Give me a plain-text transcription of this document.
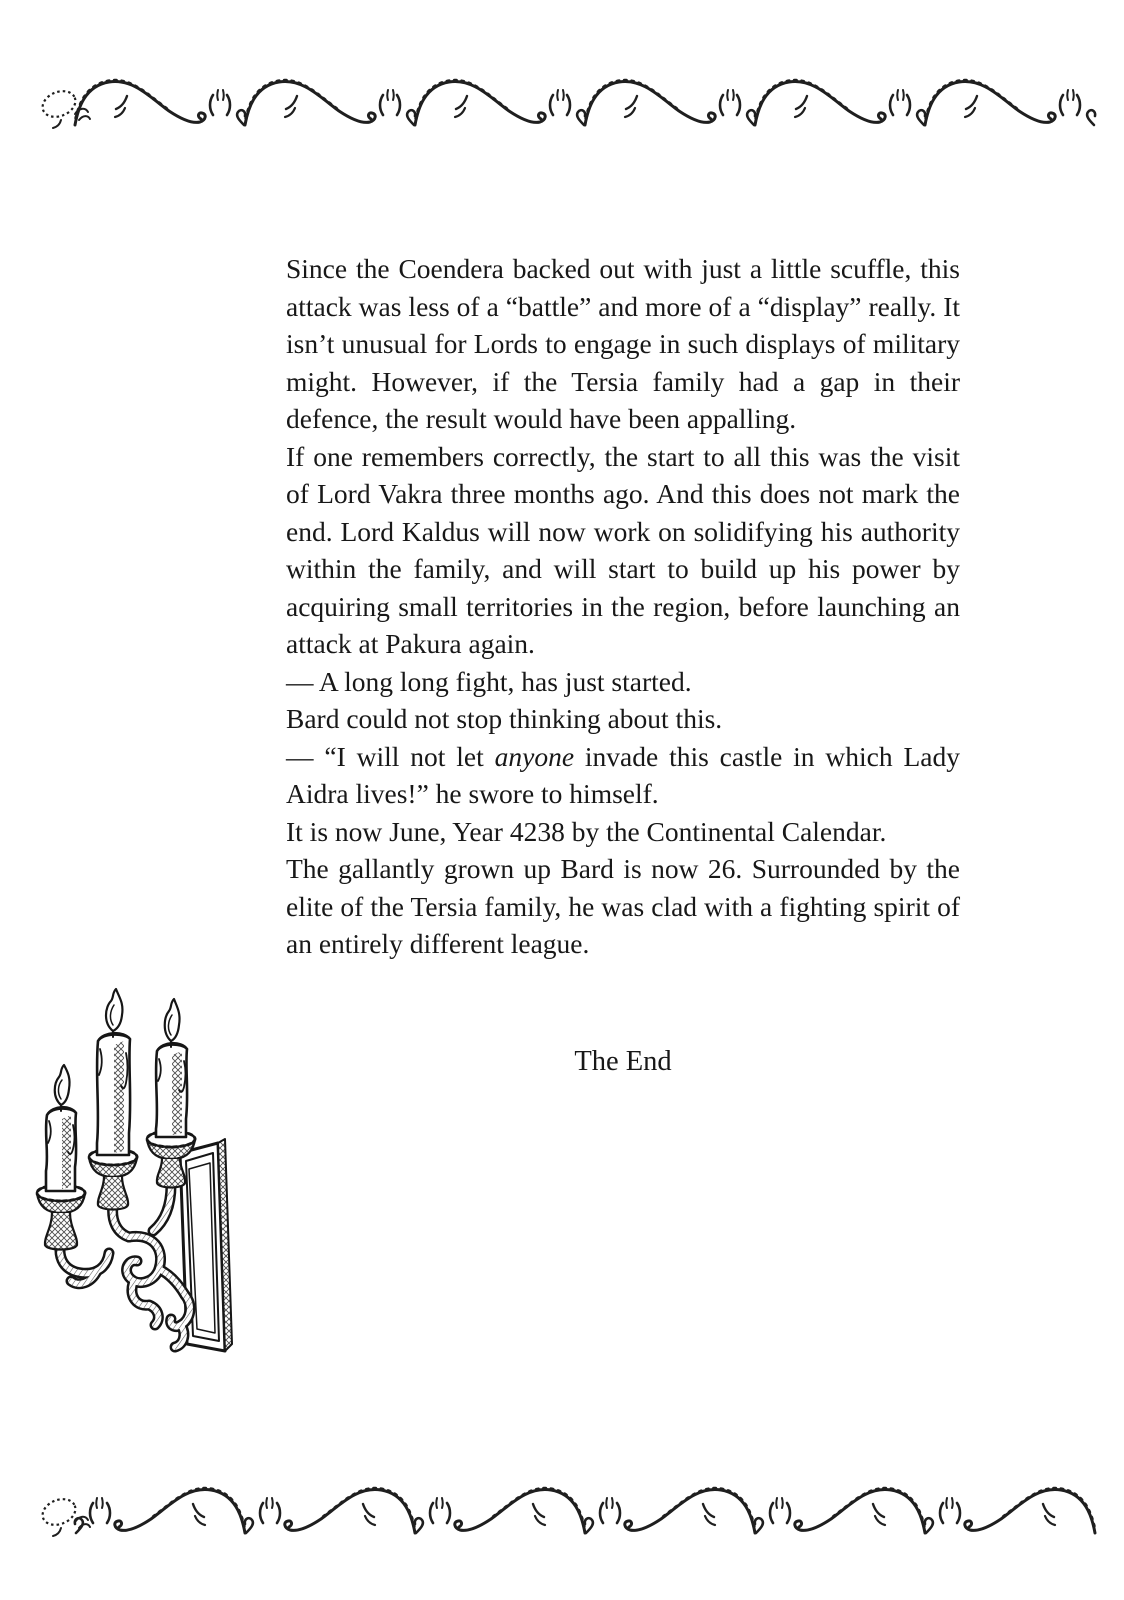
Since the Coendera backed out with just a little scuffle, this attack was less of a “battle” and more of a “display” really. It isn’t unusual for Lords to engage in such displays of military might. However, if the Tersia family had a gap in their defence, the result would have been appalling.

If one remembers correctly, the start to all this was the visit of Lord Vakra three months ago. And this does not mark the end. Lord Kaldus will now work on solidifying his authority within the family, and will start to build up his power by acquiring small territories in the region, before launching an attack at Pakura again.

— A long long fight, has just started.

Bard could not stop thinking about this.

— “I will not let anyone invade this castle in which Lady Aidra lives!” he swore to himself.

It is now June, Year 4238 by the Continental Calendar.

The gallantly grown up Bard is now 26. Surrounded by the elite of the Tersia family, he was clad with a fighting spirit of an entirely different league.

The End
